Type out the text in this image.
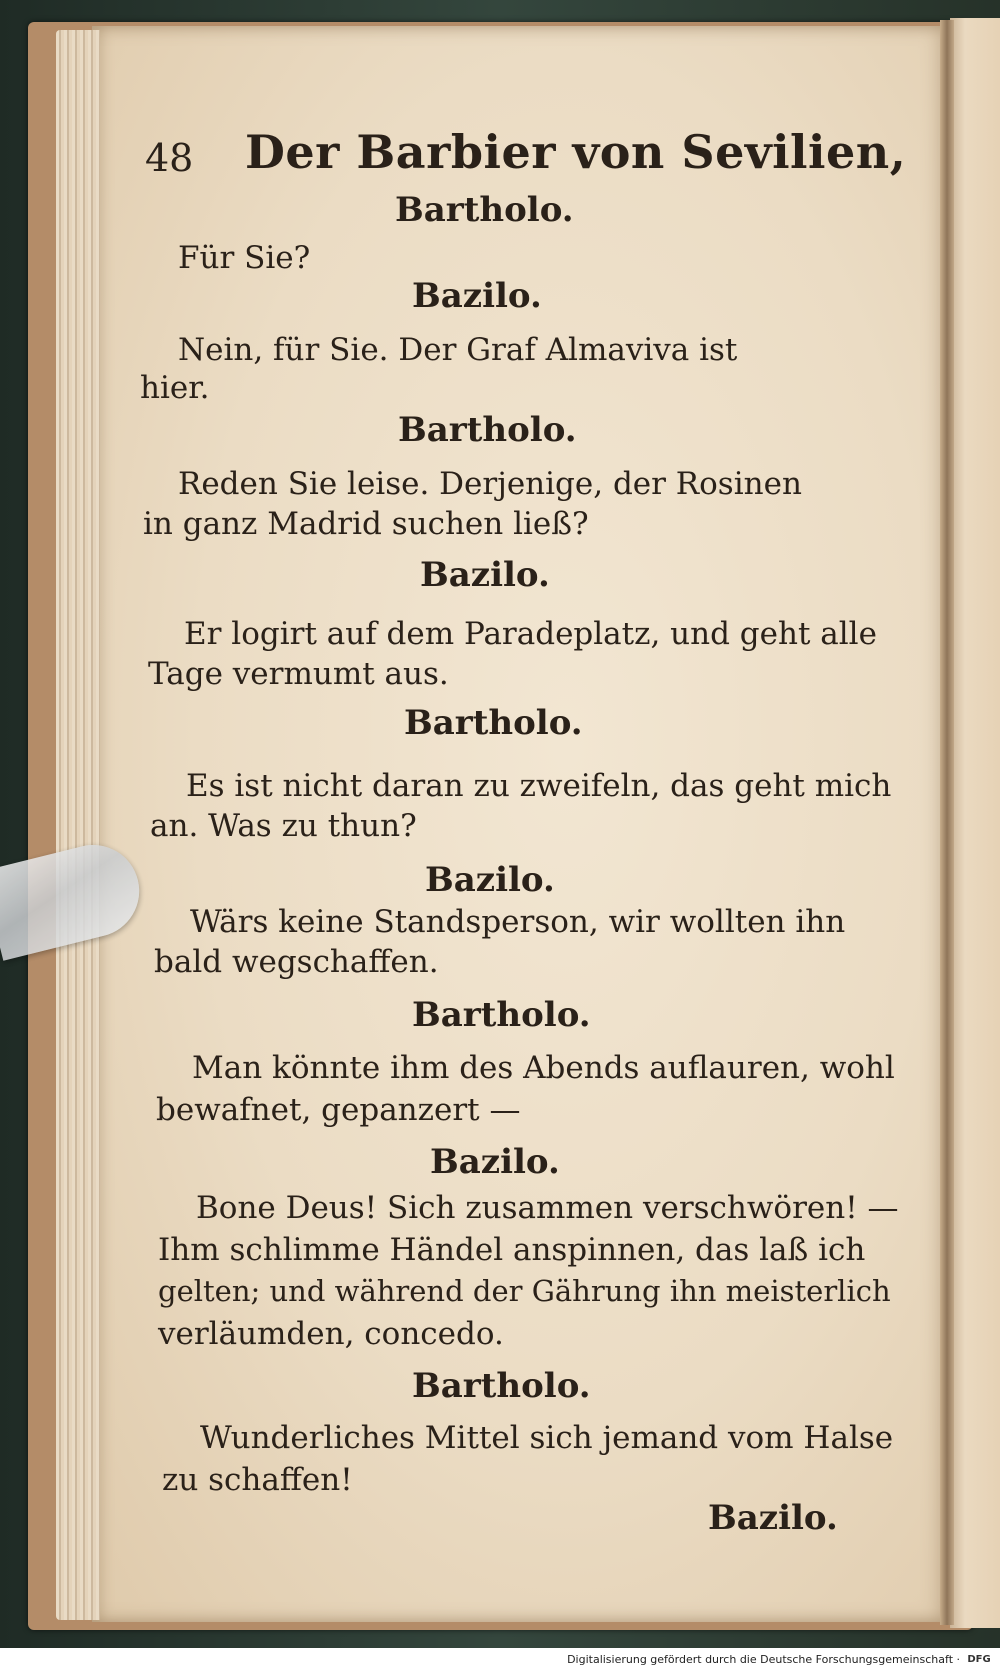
48 Der Barbier von Sevilien,
Bartholo.
Für Sie?
Bazilo.
Nein, für Sie. Der Graf Almaviva ist
hier.
Bartholo.
Reden Sie leise. Derjenige, der Rosinen
in ganz Madrid suchen ließ?
Bazilo.
Er logirt auf dem Paradeplatz, und geht alle
Tage vermumt aus.
Bartholo.
Es ist nicht daran zu zweifeln, das geht mich
an. Was zu thun?
Bazilo.
Wärs keine Standsperson, wir wollten ihn
bald wegschaffen.
Bartholo.
Man könnte ihm des Abends auflauren, wohl
bewafnet, gepanzert —
Bazilo.
Bone Deus! Sich zusammen verschwören! —
Ihm schlimme Händel anspinnen, das laß ich
gelten; und während der Gährung ihn meisterlich
verläumden, concedo.
Bartholo.
Wunderliches Mittel sich jemand vom Halse
zu schaffen!
Bazilo.
Digitalisierung gefördert durch die Deutsche Forschungsgemeinschaft · DFG
